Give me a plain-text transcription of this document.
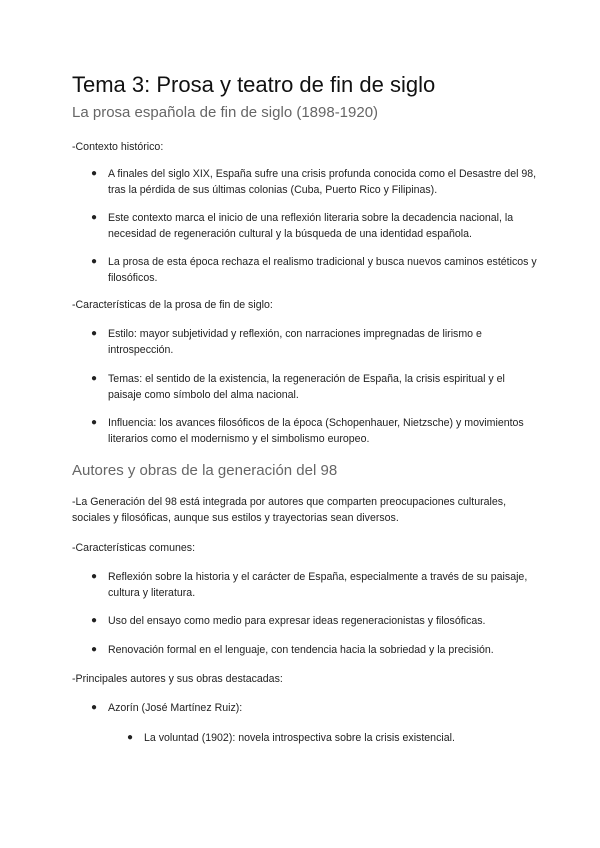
Tema 3: Prosa y teatro de fin de siglo
La prosa española de fin de siglo (1898-1920)

-Contexto histórico:

● A finales del siglo XIX, España sufre una crisis profunda conocida como el Desastre del 98, tras la pérdida de sus últimas colonias (Cuba, Puerto Rico y Filipinas).
● Este contexto marca el inicio de una reflexión literaria sobre la decadencia nacional, la necesidad de regeneración cultural y la búsqueda de una identidad española.
● La prosa de esta época rechaza el realismo tradicional y busca nuevos caminos estéticos y filosóficos.

-Características de la prosa de fin de siglo:

● Estilo: mayor subjetividad y reflexión, con narraciones impregnadas de lirismo e introspección.
● Temas: el sentido de la existencia, la regeneración de España, la crisis espiritual y el paisaje como símbolo del alma nacional.
● Influencia: los avances filosóficos de la época (Schopenhauer, Nietzsche) y movimientos literarios como el modernismo y el simbolismo europeo.
Autores y obras de la generación del 98

-La Generación del 98 está integrada por autores que comparten preocupaciones culturales, sociales y filosóficas, aunque sus estilos y trayectorias sean diversos.

-Características comunes:

● Reflexión sobre la historia y el carácter de España, especialmente a través de su paisaje, cultura y literatura.
● Uso del ensayo como medio para expresar ideas regeneracionistas y filosóficas.
● Renovación formal en el lenguaje, con tendencia hacia la sobriedad y la precisión.

-Principales autores y sus obras destacadas:

● Azorín (José Martínez Ruiz):
● La voluntad (1902): novela introspectiva sobre la crisis existencial.
